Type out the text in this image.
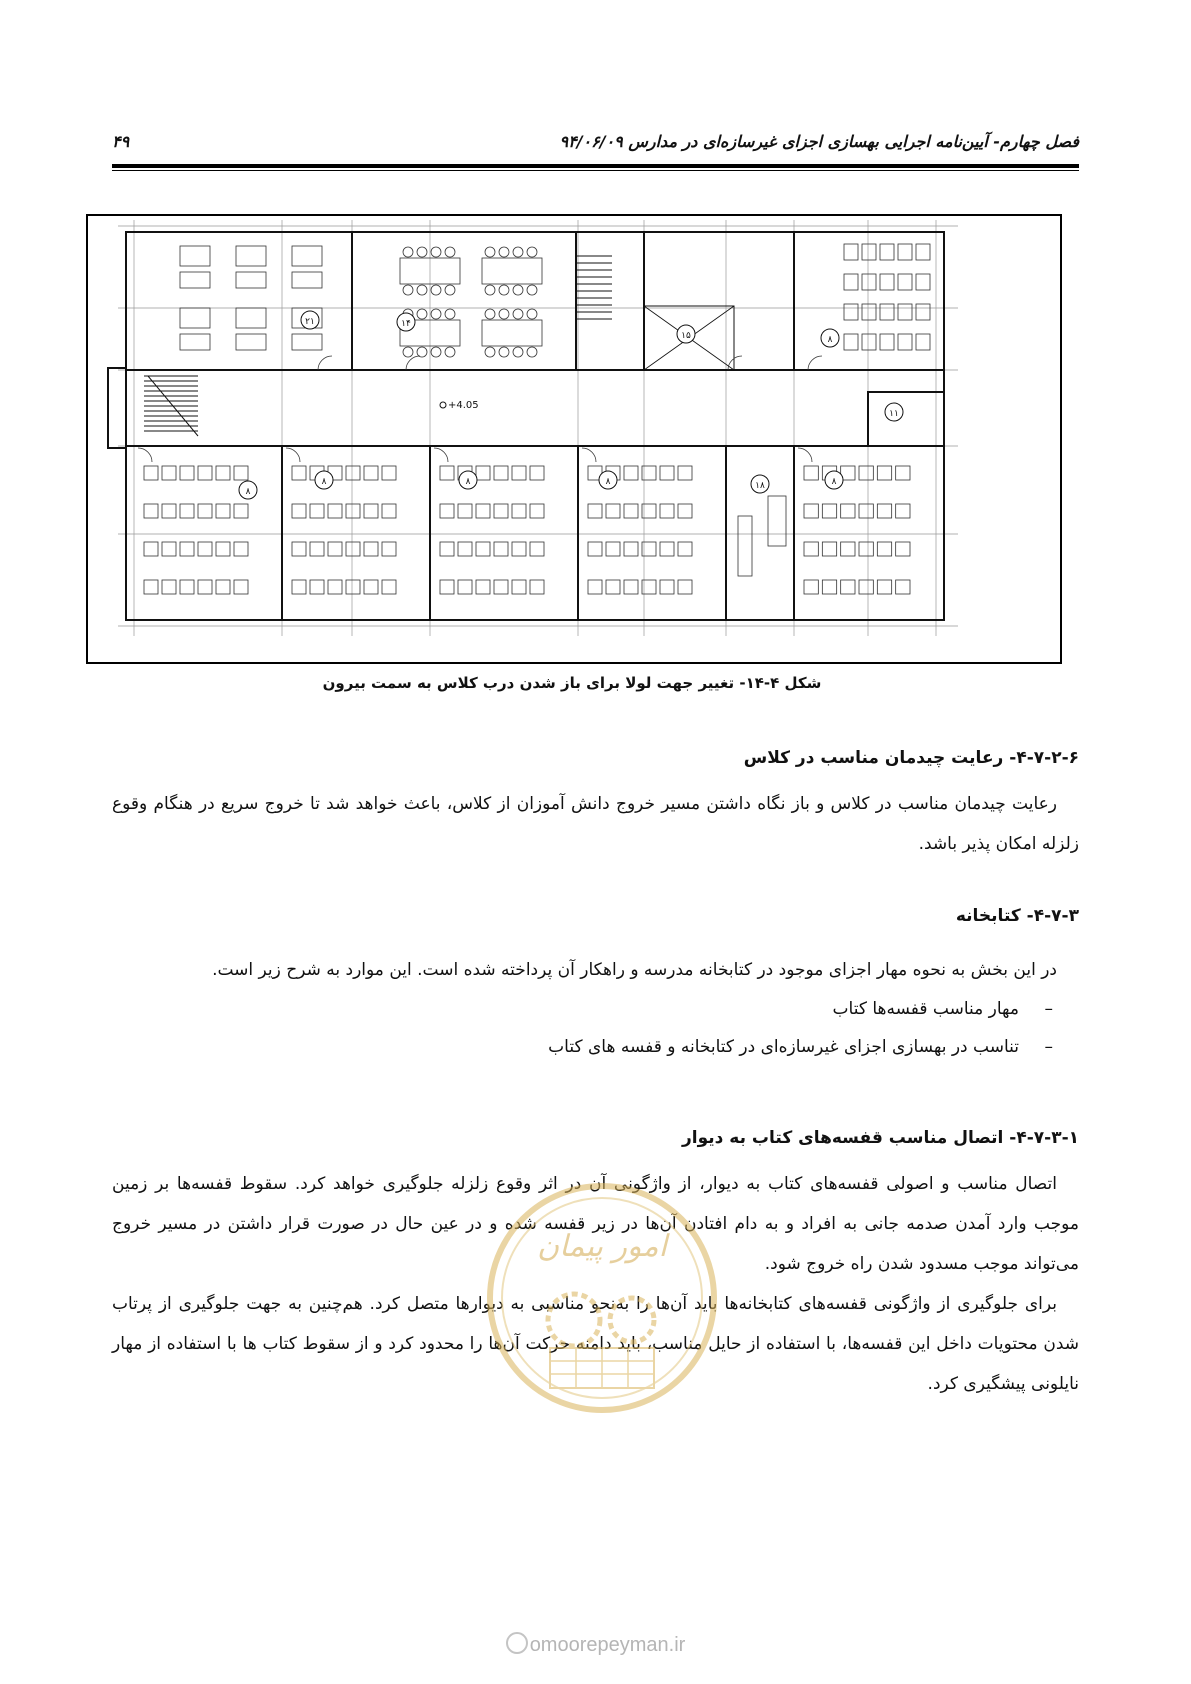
فصل چهارم- آیین‌نامه اجرایی بهسازی اجزای غیرسازه‌ای در مدارس ۹۴/۰۶/۰۹
۴۹
۲۱	۱۴
۱۵	۸
۱۱
۸
۸	۸	۸	۱۸	۸
+4.05
شکل ۴-۱۴- تغییر جهت لولا برای باز شدن درب کلاس به سمت بیرون
۴-۷-۲-۶- رعایت چیدمان مناسب در کلاس

رعایت چیدمان مناسب در کلاس و باز نگاه داشتن مسیر خروج دانش آموزان از کلاس، باعث خواهد شد تا خروج سریع در هنگام وقوع زلزله امکان پذیر باشد.

۴-۷-۳- کتابخانه

در این بخش به نحوه مهار اجزای موجود در کتابخانه مدرسه و راهکار آن پرداخته شده است. این موارد به شرح زیر است.

–
مهار مناسب قفسه‌ها کتاب
–
تناسب در بهسازی اجزای غیرسازه‌ای در کتابخانه و قفسه های کتاب
۴-۷-۳-۱- اتصال مناسب قفسه‌های کتاب به دیوار

اتصال مناسب و اصولی قفسه‌های کتاب به دیوار، از واژگونی آن در اثر وقوع زلزله جلوگیری خواهد کرد. سقوط قفسه‌ها بر زمین موجب وارد آمدن صدمه جانی به افراد و به دام افتادن آن‌ها در زیر قفسه شده و در عین حال در صورت قرار داشتن در مسیر خروج می‌تواند موجب مسدود شدن راه خروج شود.

برای جلوگیری از واژگونی قفسه‌های کتابخانه‌ها باید آن‌ها را به‌نحو مناسبی به دیوارها متصل کرد. هم‌چنین به جهت جلوگیری از پرتاب شدن محتویات داخل این قفسه‌ها، با استفاده از حایل مناسب، باید دامنه حرکت آن‌ها را محدود کرد و از سقوط کتاب ها با استفاده از مهار نایلونی پیشگیری کرد.

امور پیمان
omoorepeyman.ir
